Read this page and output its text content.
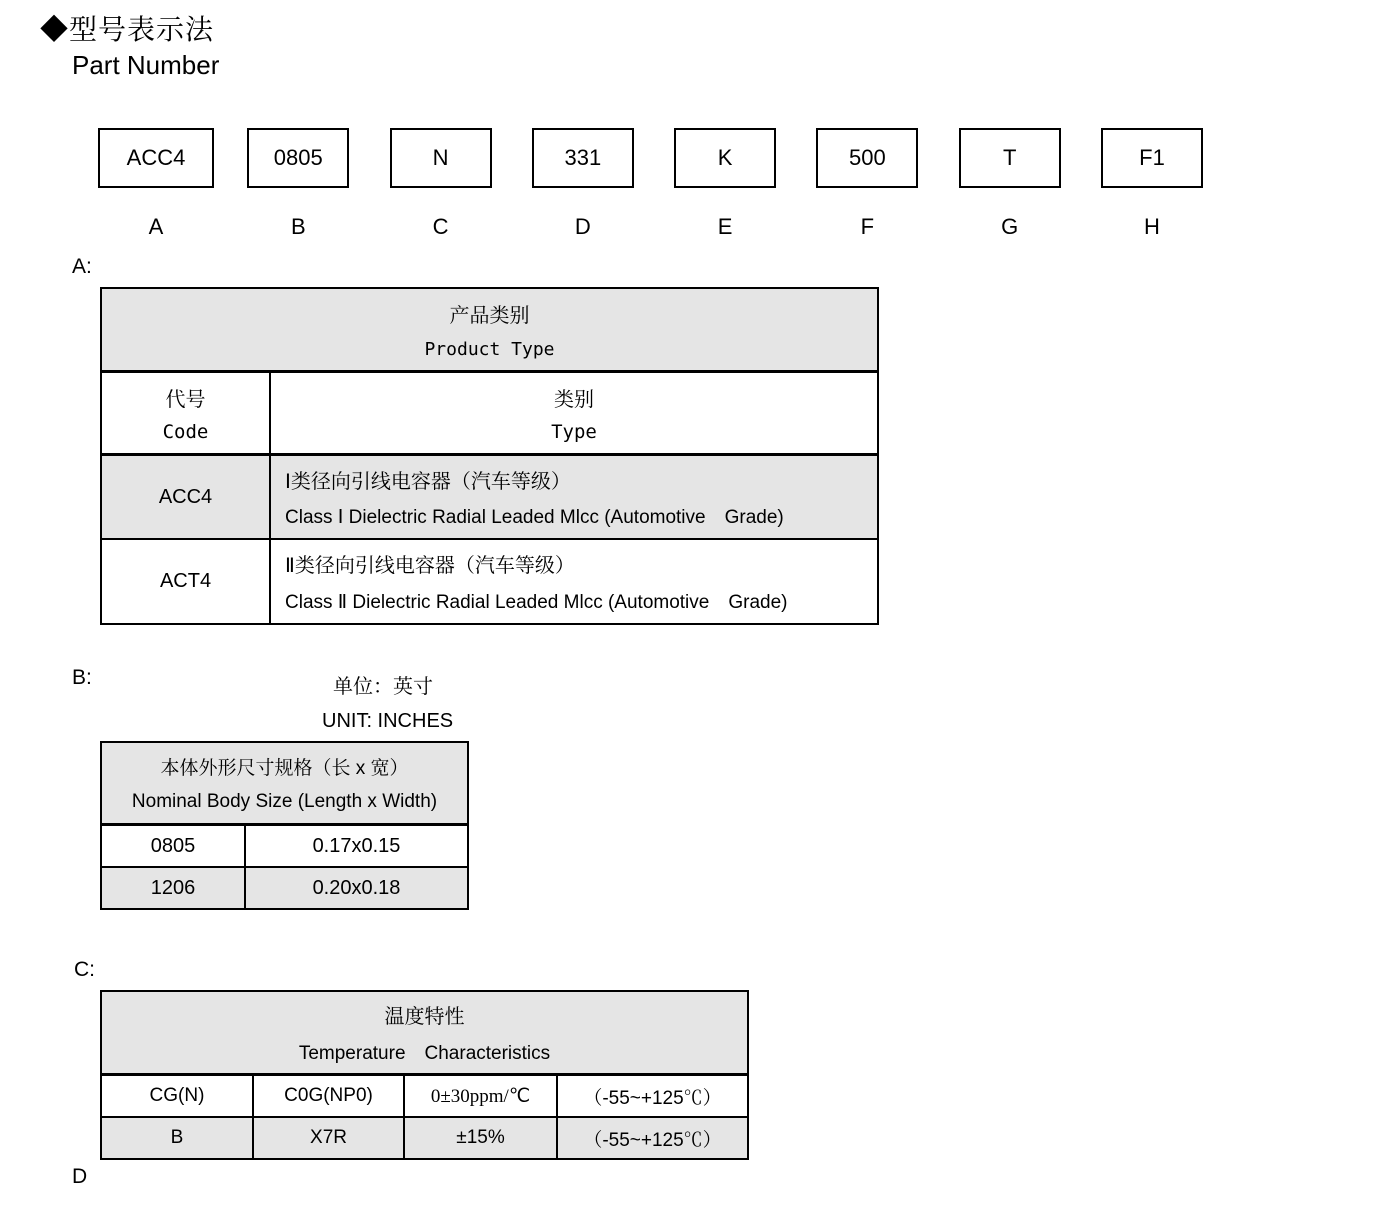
◆型号表示法
Part Number
ACC4
A
0805
B
N
C
331
D
K
E
500
F
T
G
F1
H
A:
产品类别
Product Type
代号
Code
类别
Type
ACC4
Ⅰ类径向引线电容器（汽车等级）
Class Ⅰ Dielectric Radial Leaded Mlcc (Automotive　Grade)
ACT4
Ⅱ类径向引线电容器（汽车等级）
Class Ⅱ Dielectric Radial Leaded Mlcc (Automotive　Grade)
B:	单位：英寸
UNIT: INCHES
本体外形尺寸规格（长 x 宽）
Nominal Body Size (Length x Width)
0805	0.17x0.15
1206	0.20x0.18
C:
温度特性
Temperature　Characteristics
CG(N)	C0G(NP0)	0±30ppm/℃	（-55~+125℃）
B	X7R	±15%	（-55~+125℃）
D
